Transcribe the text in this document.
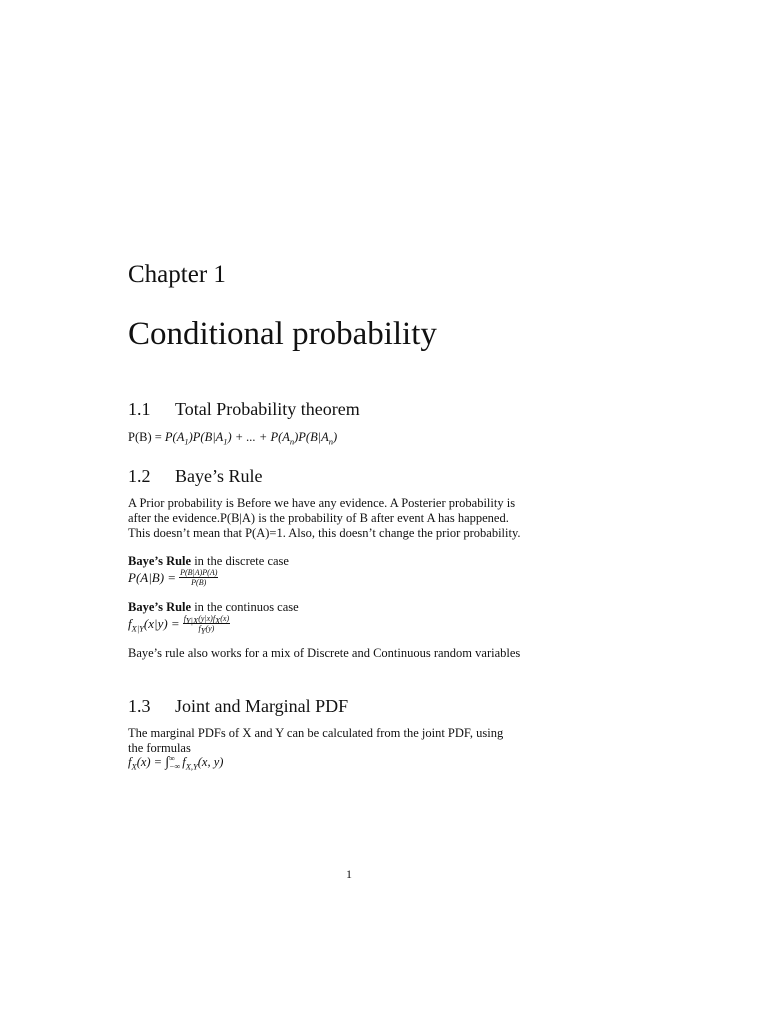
Chapter 1
Conditional probability
1.1 Total Probability theorem

$P(B) = P(A_1)P(B|A_1)$ + ... + $P(A_n)P(B|A_n)$

1.2 Baye’s Rule

A Prior probability is Before we have any evidence. A Posterier probability is

after the evidence.P(B|A) is the probability of B after event A has happened.

This doesn’t mean that P(A)=1. Also, this doesn’t change the prior probability.

Baye’s Rule in the discrete case

$P(A|B) = \frac{P(B|A)P(A)}{P(B)}$

Baye’s Rule in the continuos case

$f_{X|Y}(x|y) = \frac{f_{Y|X}(y|x)f_X(x)}{f_Y(y)}$

Baye’s rule also works for a mix of Discrete and Continuous random variables

1.3 Joint and Marginal PDF

The marginal PDFs of X and Y can be calculated from the joint PDF, using

the formulas

$f_X(x)$ = ∫ ∞
−∞ $f_{X,Y}(x$, y)

1
